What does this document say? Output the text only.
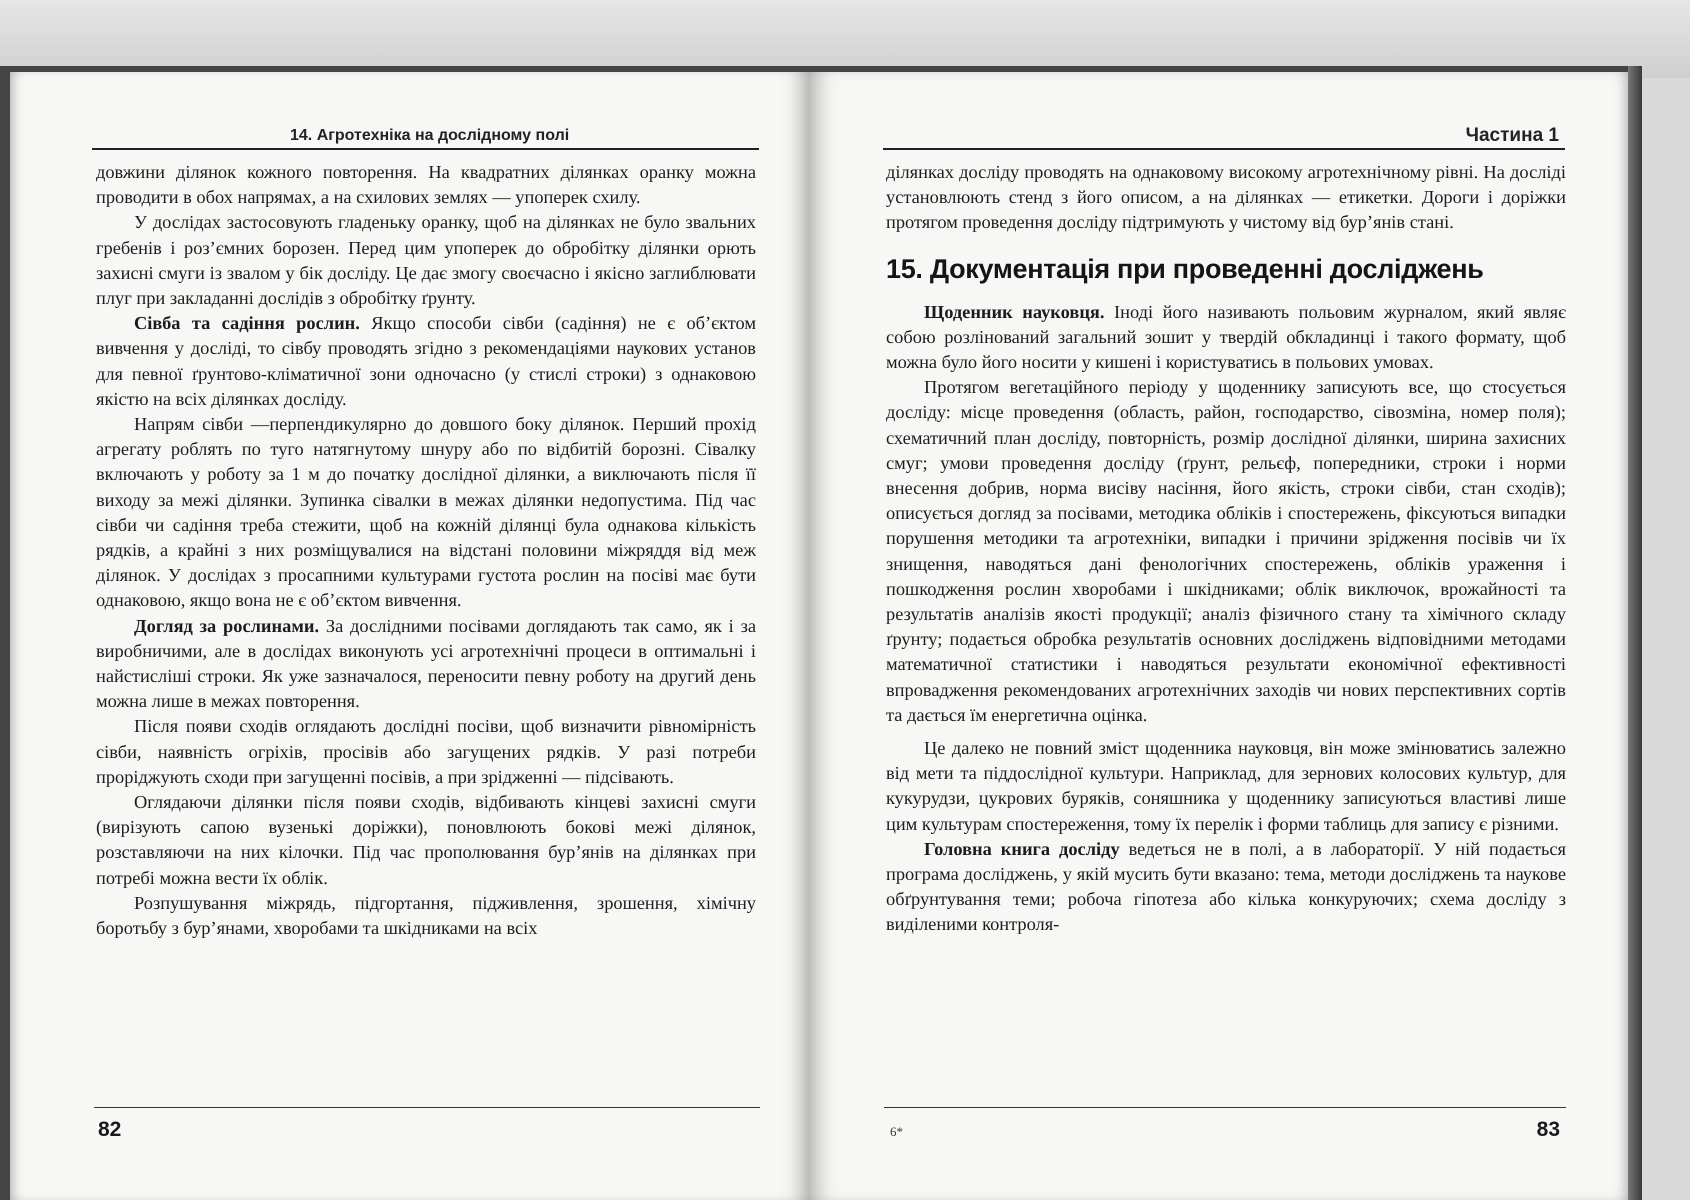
14. Агротехніка на дослідному полі

довжини ділянок кожного повторення. На квадратних ділянках оранку можна проводити в обох напрямах, а на схилових землях — упоперек схилу.

У дослідах застосовують гладеньку оранку, щоб на ділянках не було звальних гребенів і роз’ємних борозен. Перед цим упоперек до обробітку ділянки орють захисні смуги із звалом у бік досліду. Це дає змогу своєчасно і якісно заглиблювати плуг при закладанні дослідів з обробітку ґрунту.

Сівба та садіння рослин. Якщо способи сівби (садіння) не є об’єктом вивчення у досліді, то сівбу проводять згідно з рекомендаціями наукових установ для певної ґрунтово-кліматичної зони одночасно (у стислі строки) з однаковою якістю на всіх ділянках досліду.

Напрям сівби —перпендикулярно до довшого боку ділянок. Перший прохід агрегату роблять по туго натягнутому шнуру або по відбитій борозні. Сівалку включають у роботу за 1 м до початку дослідної ділянки, а виключають після її виходу за межі ділянки. Зупинка сівалки в межах ділянки недопустима. Під час сівби чи садіння треба стежити, щоб на кожній ділянці була однакова кількість рядків, а крайні з них розміщувалися на відстані половини міжряддя від меж ділянок. У дослідах з просапними культурами густота рослин на посіві має бути однаковою, якщо вона не є об’єктом вивчення.

Догляд за рослинами. За дослідними посівами доглядають так само, як і за виробничими, але в дослідах виконують усі агротехнічні процеси в оптимальні і найстисліші строки. Як уже зазначалося, переносити певну роботу на другий день можна лише в межах повторення.

Після появи сходів оглядають дослідні посіви, щоб визначити рівномірність сівби, наявність огріхів, просівів або загущених рядків. У разі потреби проріджують сходи при загущенні посівів, а при зрідженні — підсівають.

Оглядаючи ділянки після появи сходів, відбивають кінцеві захисні смуги (вирізують сапою вузенькі доріжки), поновлюють бокові межі ділянок, розставляючи на них кілочки. Під час прополювання бур’янів на ділянках при потребі можна вести їх облік.

Розпушування міжрядь, підгортання, підживлення, зрошення, хімічну боротьбу з бур’янами, хворобами та шкідниками на всіх

82
Частина 1

ділянках досліду проводять на однаковому високому агротехнічному рівні. На досліді установлюють стенд з його описом, а на ділянках — етикетки. Дороги і доріжки протягом проведення досліду підтримують у чистому від бур’янів стані.

15. Документація при проведенні досліджень

Щоденник науковця. Іноді його називають польовим журналом, який являє собою розлінований загальний зошит у твердій обкладинці і такого формату, щоб можна було його носити у кишені і користуватись в польових умовах.

Протягом вегетаційного періоду у щоденнику записують все, що стосується досліду: місце проведення (область, район, господарство, сівозміна, номер поля); схематичний план досліду, повторність, розмір дослідної ділянки, ширина захисних смуг; умови проведення досліду (ґрунт, рельєф, попередники, строки і норми внесення добрив, норма висіву насіння, його якість, строки сівби, стан сходів); описується догляд за посівами, методика обліків і спостережень, фіксуються випадки порушення методики та агротехніки, випадки і причини зрідження посівів чи їх знищення, наводяться дані фенологічних спостережень, обліків ураження і пошкодження рослин хворобами і шкідниками; облік виключок, врожайності та результатів аналізів якості продукції; аналіз фізичного стану та хімічного складу ґрунту; подається обробка результатів основних досліджень відповідними методами математичної статистики і наводяться результати економічної ефективності впровадження рекомендованих агротехнічних заходів чи нових перспективних сортів та дається їм енергетична оцінка.

Це далеко не повний зміст щоденника науковця, він може змінюватись залежно від мети та піддослідної культури. Наприклад, для зернових колосових культур, для кукурудзи, цукрових буряків, соняшника у щоденнику записуються властиві лише цим культурам спостереження, тому їх перелік і форми таблиць для запису є різними.

Головна книга досліду ведеться не в полі, а в лабораторії. У ній подається програма досліджень, у якій мусить бути вказано: тема, методи досліджень та наукове обґрунтування теми; робоча гіпотеза або кілька конкуруючих; схема досліду з виділеними контроля-

6*	83
